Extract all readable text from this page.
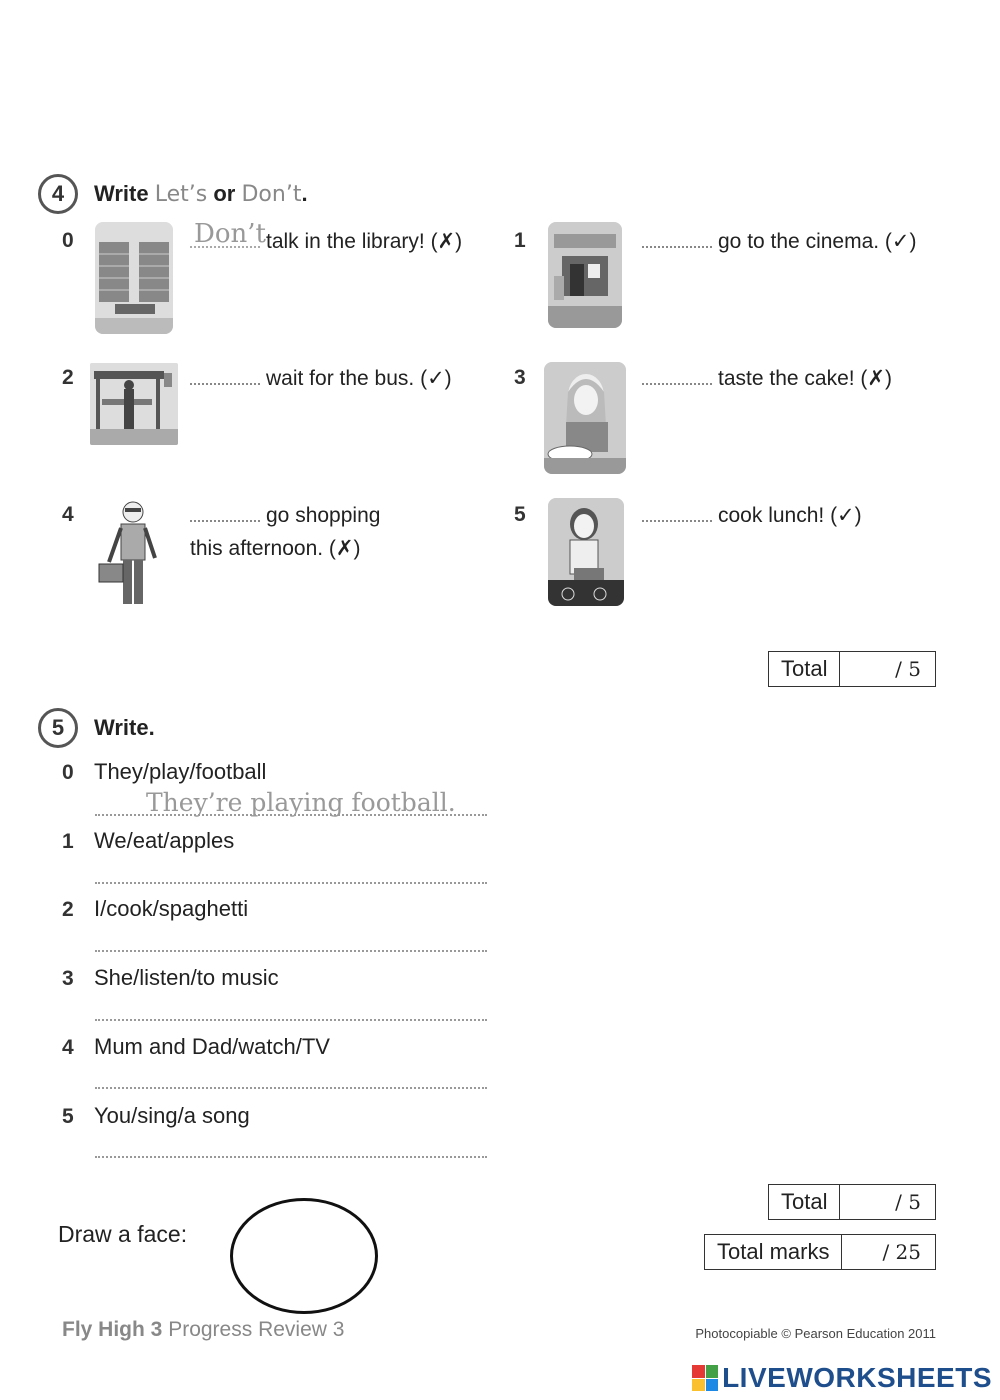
4	Write Let’s or Don’t.
0	Don’t talk in the library! (✗) 1	go to the cinema. (✓)
2	wait for the bus. (✓)	3	taste the cake! (✗)
4	go shopping
this afternoon. (✗)
5	cook lunch! (✓)
Total	/ 5
5	Write.
0 They/play/football
They’re playing football.
1 We/eat/apples
2 I/cook/spaghetti
3 She/listen/to music
4 Mum and Dad/watch/TV
5 You/sing/a song
Total	/ 5
Draw a face:
Total marks	/ 25
Fly High 3 Progress Review 3	Photocopiable © Pearson Education 2011
LIVEWORKSHEETS
